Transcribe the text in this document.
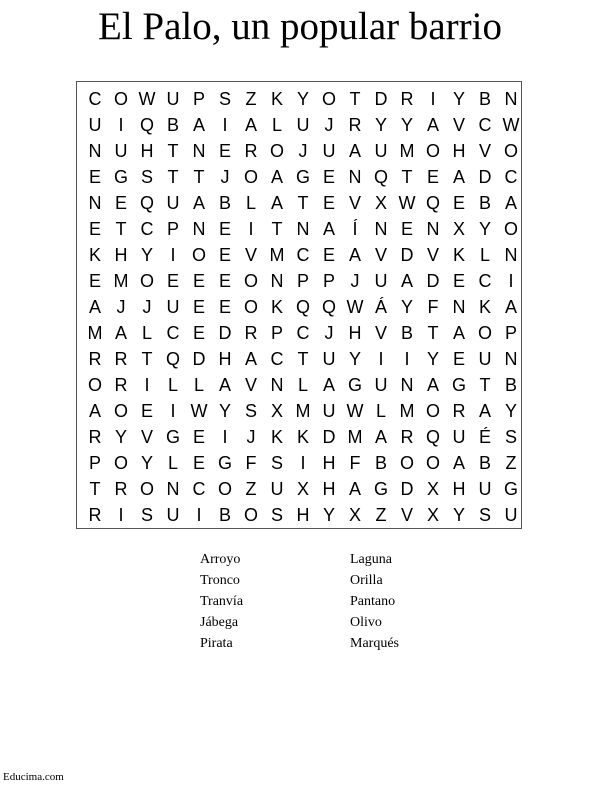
El Palo, un popular barrio
C O W U P S Z K Y O T D R I Y B N
U I Q B A I A L U J R Y Y A V C W
N U H T N E R O J U A U M O H V O
E G S T T J O A G E N Q T E A D C
N E Q U A B L A T E V X W Q E B A
E T C P N E I	T N A Í N E N X Y O
K H Y I O E V M C E A V D V K L N
E M O E E E O N P P J U A D E C I
A J J U E E O K Q Q W Á Y F N K A
M A L C E D R P C J H V B T A O P
R R T Q D H A C T U Y I	I Y E U N
O R I	L L A V N L A G U N A G T B
A O E I W Y S X M U W L M O R A Y
R Y V G E I	J K K D M A R Q U É S
P O Y L E G F S I H F B O O A B Z
T R O N C O Z U X H A G D X H U G
R I S U I B O S H Y X Z V X Y S U
Arroyo
Tronco
Tranvía
Jábega
Pirata
Laguna
Orilla
Pantano
Olivo
Marqués
Educima.com
